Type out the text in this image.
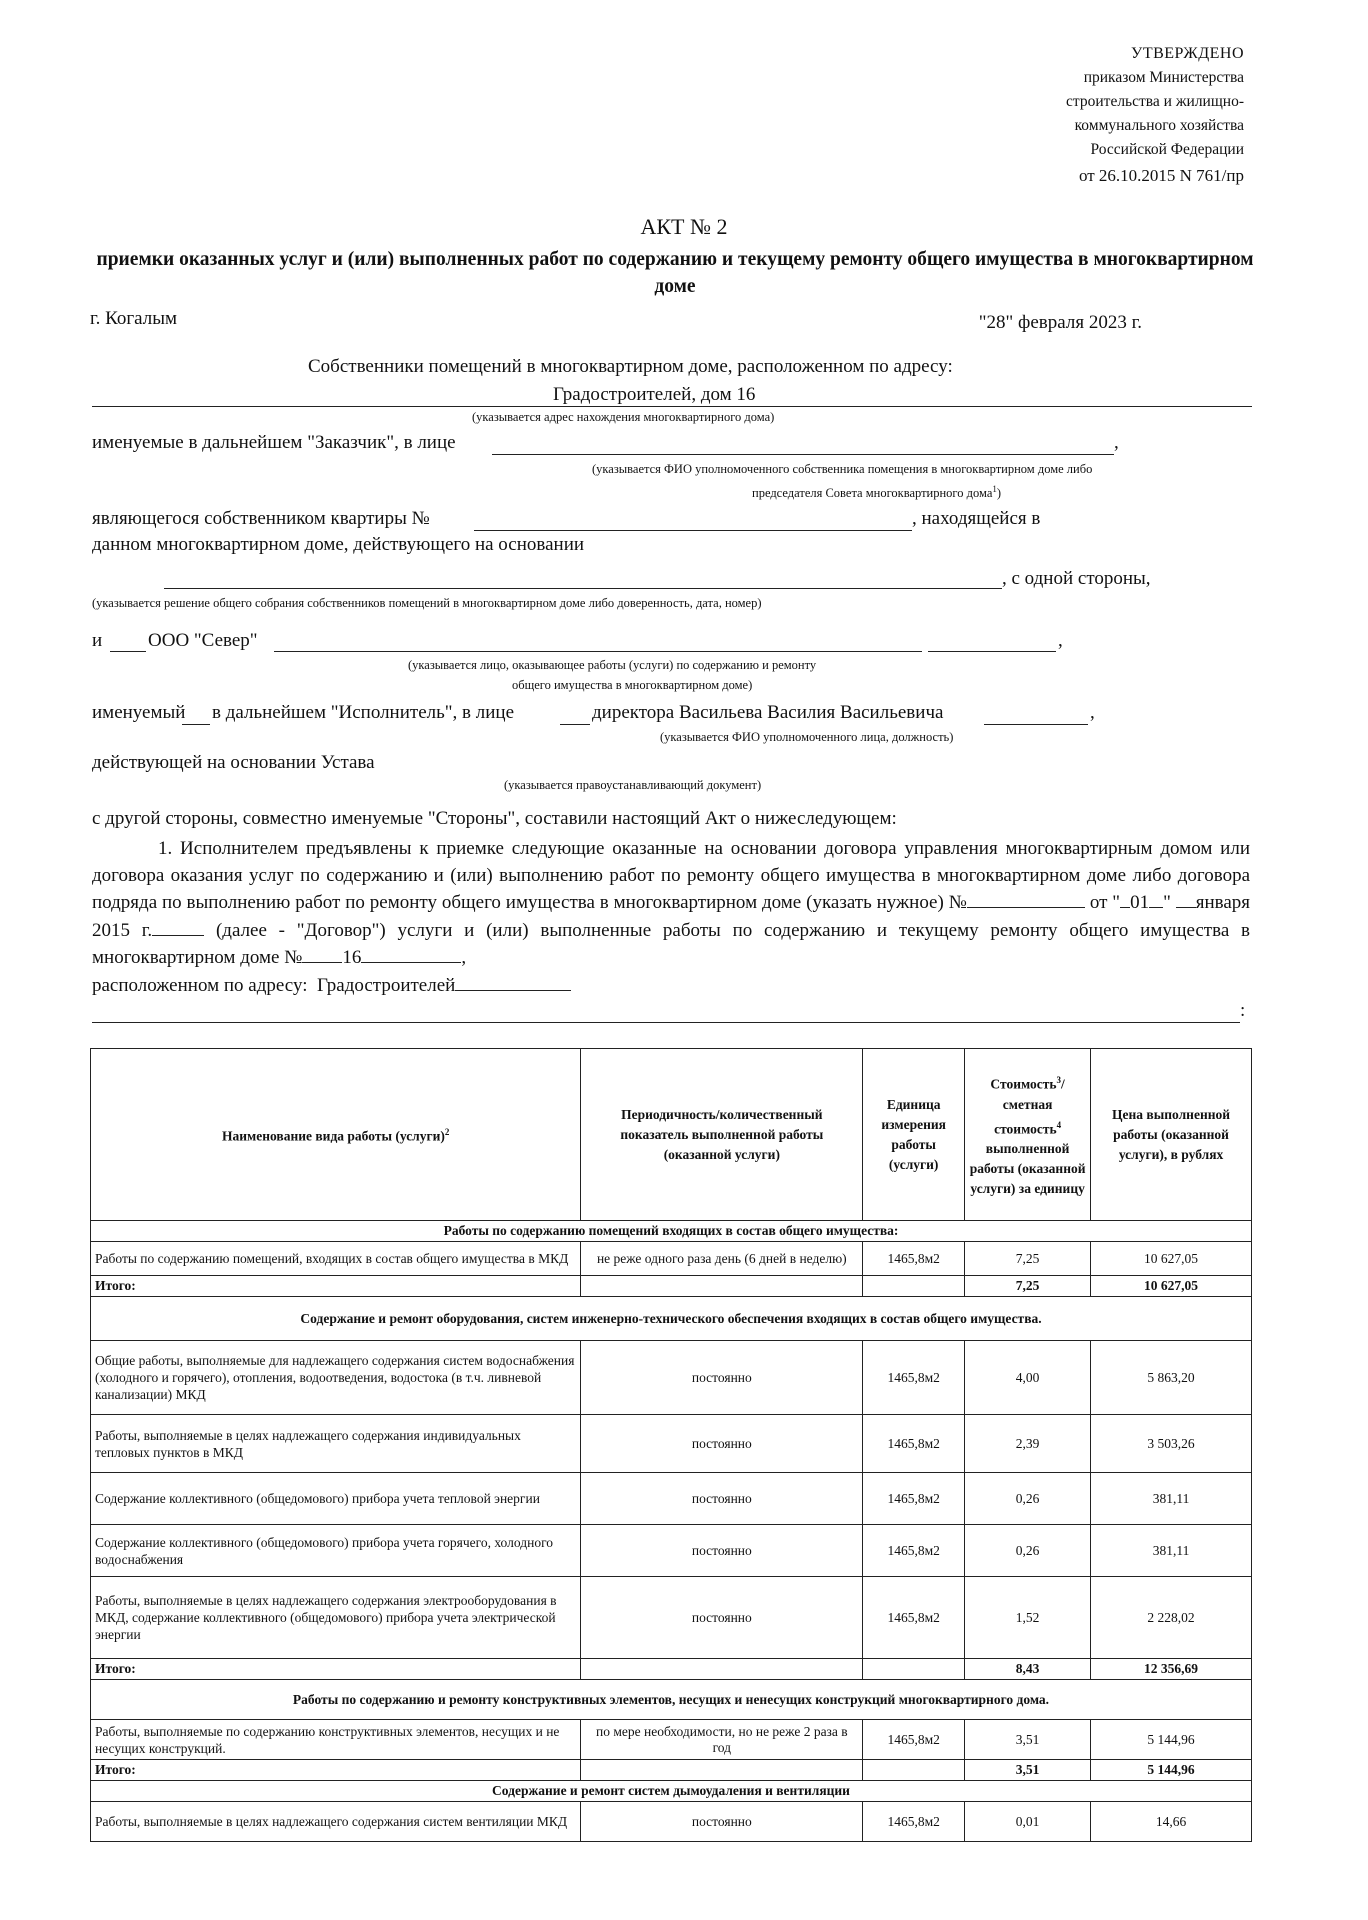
УТВЕРЖДЕНО
приказом Министерства
строительства и жилищно-
коммунального хозяйства
Российской Федерации
от 26.10.2015 N 761/пр
АКТ № 2
приемки оказанных услуг и (или) выполненных работ по содержанию и текущему ремонту общего имущества в многоквартирном доме
г. Когалым	"28" февраля 2023 г.
Собственники помещений в многоквартирном доме, расположенном по адресу:
Градостроителей, дом 16
(указывается адрес нахождения многоквартирного дома)
именуемые в дальнейшем "Заказчик", в лице	,
(указывается ФИО уполномоченного собственника помещения в многоквартирном доме либо
председателя Совета многоквартирного дома$^1$)
являющегося собственником квартиры №	, находящейся в
данном многоквартирном доме, действующего на основании
, с одной стороны,
(указывается решение общего собрания собственников помещений в многоквартирном доме либо доверенность, дата, номер)
и ООО "Север"	,
(указывается лицо, оказывающее работы (услуги) по содержанию и ремонту
общего имущества в многоквартирном доме)
именуемый в дальнейшем "Исполнитель", в лице	директора Васильева Василия Васильевича	,
(указывается ФИО уполномоченного лица, должность)
действующей на основании Устава
(указывается правоустанавливающий документ)
с другой стороны, совместно именуемые "Стороны", составили настоящий Акт о нижеследующем:
1. Исполнителем предъявлены к приемке следующие оказанные на основании договора управления многоквартирным домом или договора оказания услуг по содержанию и (или) выполнению работ по ремонту общего имущества в многоквартирном доме либо договора подряда по выполнению работ по ремонту общего имущества в многоквартирном доме (указать нужное) №	от " 01 " января 2015 г.	(далее - "Договор") услуги и (или) выполненные работы по содержанию и текущему ремонту общего имущества в многоквартирном доме № 16	,
расположенном по адресу: Градостроителей
:
Наименование вида работы (услуги)$^2$	Периодичность/количественный показатель выполненной работы (оказанной услуги)	Единица измерения работы (услуги)	Стоимость$^3$/сметная стоимость$^4$ выполненной работы (оказанной услуги) за единицу	Цена выполненной работы (оказанной услуги), в рублях
Работы по содержанию помещений входящих в состав общего имущества:				
Работы по содержанию помещений, входящих в состав общего имущества в МКД	не реже одного раза день (6 дней в неделю)	1465,8м2	7,25	10 627,05
Итого:			7,25	10 627,05
Содержание и ремонт оборудования, систем инженерно-технического обеспечения входящих в состав общего имущества.				
Общие работы, выполняемые для надлежащего содержания систем водоснабжения (холодного и горячего), отопления, водоотведения, водостока (в т.ч. ливневой канализации) МКД	постоянно	1465,8м2	4,00	5 863,20
Работы, выполняемые в целях надлежащего содержания индивидуальных тепловых пунктов в МКД	постоянно	1465,8м2	2,39	3 503,26
Содержание коллективного (общедомового) прибора учета тепловой энергии	постоянно	1465,8м2	0,26	381,11
Содержание коллективного (общедомового) прибора учета горячего, холодного водоснабжения	постоянно	1465,8м2	0,26	381,11
Работы, выполняемые в целях надлежащего содержания электрооборудования в МКД, содержание коллективного (общедомового) прибора учета электрической энергии	постоянно	1465,8м2	1,52	2 228,02
Итого:			8,43	12 356,69
Работы по содержанию и ремонту конструктивных элементов, несущих и ненесущих конструкций многоквартирного дома.				
Работы, выполняемые по содержанию конструктивных элементов, несущих и не несущих конструкций.	по мере необходимости, но не реже 2 раза в год	1465,8м2	3,51	5 144,96
Итого:			3,51	5 144,96
Содержание и ремонт систем дымоудаления и вентиляции				
Работы, выполняемые в целях надлежащего содержания систем вентиляции МКД	постоянно	1465,8м2	0,01	14,66
